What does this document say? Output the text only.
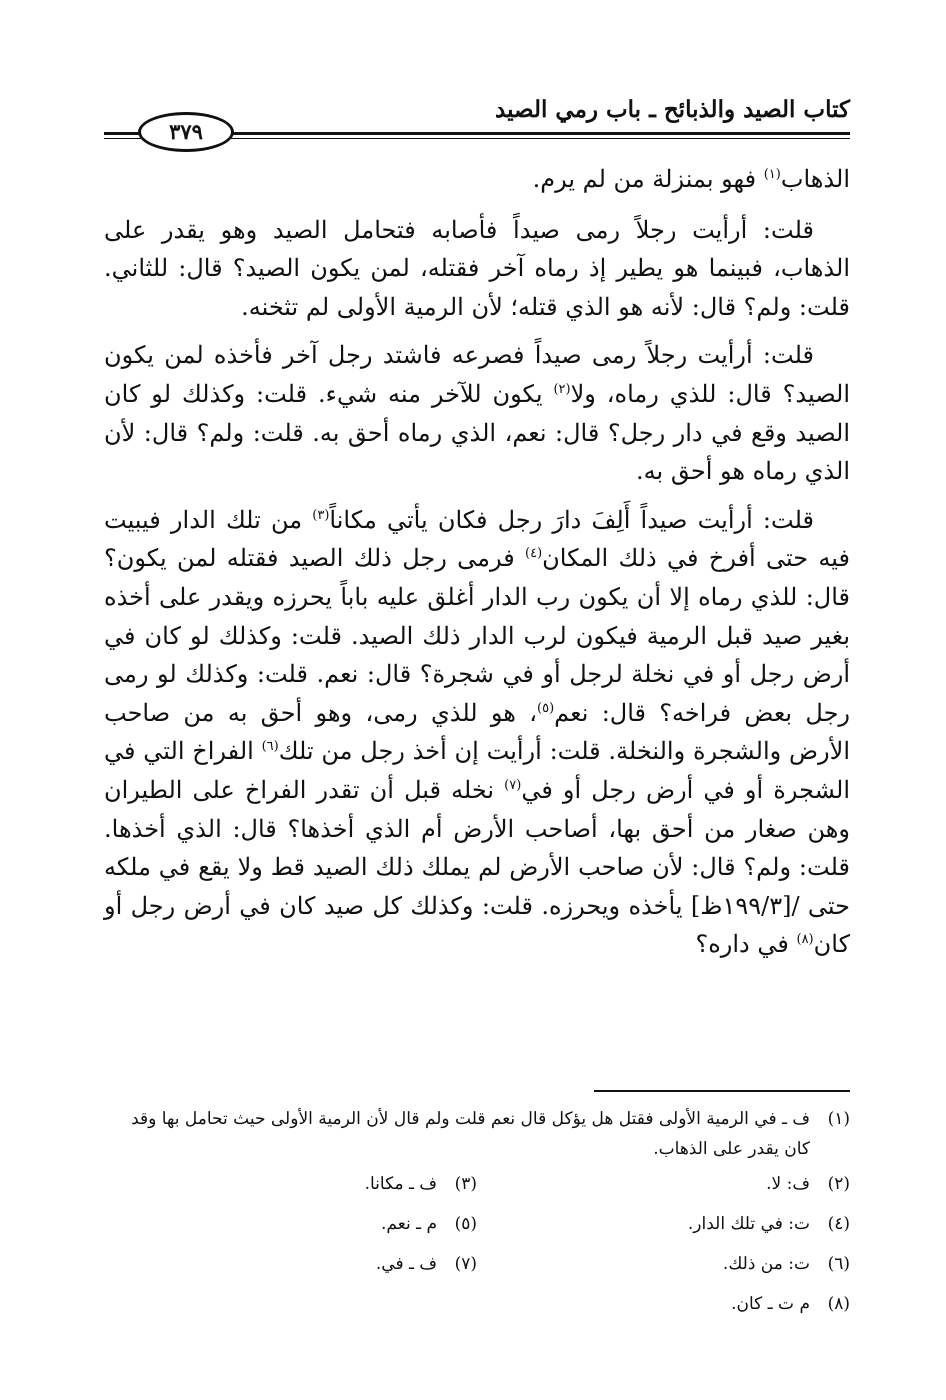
كتاب الصيد والذبائح ـ باب رمي الصيد
٣٧٩

الذهاب$^{(١)}$ فهو بمنزلة من لم يرم.

قلت: أرأيت رجلاً رمى صيداً فأصابه فتحامل الصيد وهو يقدر على الذهاب، فبينما هو يطير إذ رماه آخر فقتله، لمن يكون الصيد؟ قال: للثاني. قلت: ولم؟ قال: لأنه هو الذي قتله؛ لأن الرمية الأولى لم تثخنه.

قلت: أرأيت رجلاً رمى صيداً فصرعه فاشتد رجل آخر فأخذه لمن يكون الصيد؟ قال: للذي رماه، ولا$^{(٢)}$ يكون للآخر منه شيء. قلت: وكذلك لو كان الصيد وقع في دار رجل؟ قال: نعم، الذي رماه أحق به. قلت: ولم؟ قال: لأن الذي رماه هو أحق به.

قلت: أرأيت صيداً أَلِفَ دارَ رجل فكان يأتي مكاناً$^{(٣)}$ من تلك الدار فيبيت فيه حتى أفرخ في ذلك المكان$^{(٤)}$ فرمى رجل ذلك الصيد فقتله لمن يكون؟ قال: للذي رماه إلا أن يكون رب الدار أغلق عليه باباً يحرزه ويقدر على أخذه بغير صيد قبل الرمية فيكون لرب الدار ذلك الصيد. قلت: وكذلك لو كان في أرض رجل أو في نخلة لرجل أو في شجرة؟ قال: نعم. قلت: وكذلك لو رمى رجل بعض فراخه؟ قال: نعم$^{(٥)}$، هو للذي رمى، وهو أحق به من صاحب الأرض والشجرة والنخلة. قلت: أرأيت إن أخذ رجل من تلك$^{(٦)}$ الفراخ التي في الشجرة أو في أرض رجل أو في$^{(٧)}$ نخله قبل أن تقدر الفراخ على الطيران وهن صغار من أحق بها، أصاحب الأرض أم الذي أخذها؟ قال: الذي أخذها. قلت: ولم؟ قال: لأن صاحب الأرض لم يملك ذلك الصيد قط ولا يقع في ملكه حتى /[١٩٩/٣ظ] يأخذه ويحرزه. قلت: وكذلك كل صيد كان في أرض رجل أو كان$^{(٨)}$ في داره؟

(١)
ف ـ في الرمية الأولى فقتل هل يؤكل قال نعم قلت ولم قال لأن الرمية الأولى حيث تحامل بها وقد كان يقدر على الذهاب.
(٢)
ف: لا.
(٣)
ف ـ مكانا.
(٤)
ت: في تلك الدار.
(٥)
م ـ نعم.
(٦)
ت: من ذلك.
(٧)
ف ـ في.
(٨)
م ت ـ كان.
